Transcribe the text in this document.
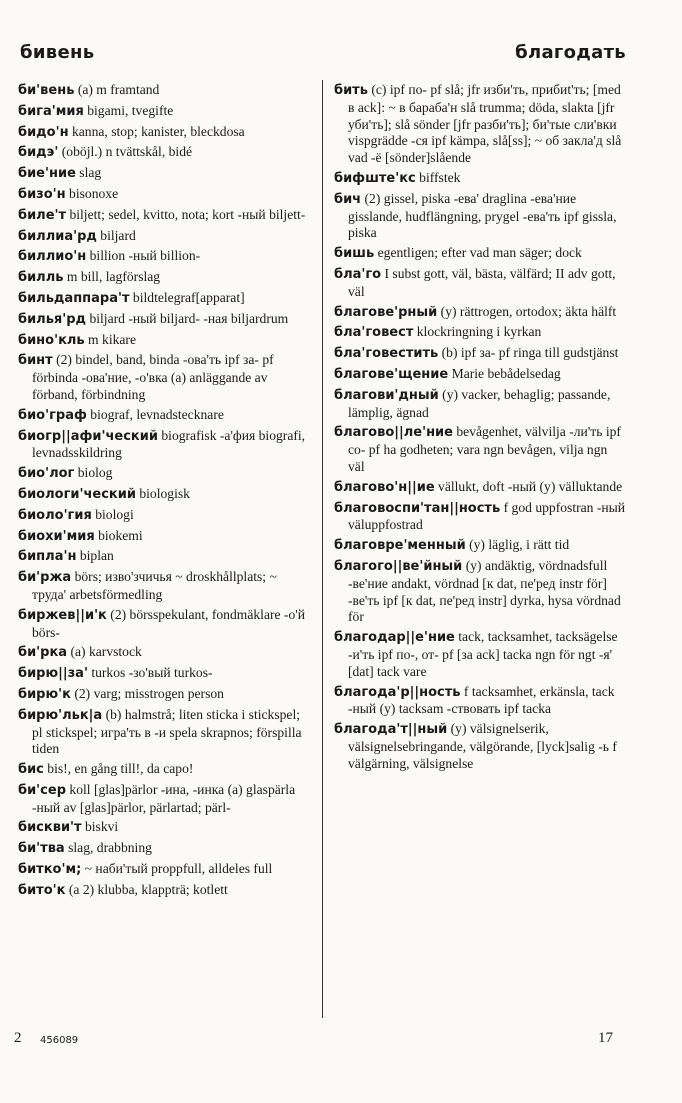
бивень	благодать
би'вень (a) m framtand
бига'мия bigami, tvegifte
бидо'н kanna, stop; kanister, bleckdosa
бидэ' (oböjl.) n tvättskål, bidé
бие'ние slag
бизо'н bisonoxe
биле'т biljett; sedel, kvitto, nota; kort -ный biljett-
биллиа'рд biljard
биллио'н billion -ный billion-
билль m bill, lagförslag
бильдаппара'т bildtelegraf[apparat]
билья'рд biljard -ный biljard- -ная biljardrum
бино'кль m kikare
бинт (2) bindel, band, binda -ова'ть ipf за- pf förbinda -ова'ние, -о'вка (a) anläggande av förband, förbindning
био'граф biograf, levnadstecknare
биогр||афи'ческий biografisk -а'фия biografi, levnadsskildring
био'лог biolog
биологи'ческий biologisk
биоло'гия biologi
биохи'мия biokemi
биплa'н biplan
би'ржа börs; изво'зчичья ~ droskhållplats; ~ труда' arbetsförmedling
биржев||и'к (2) börsspekulant, fondmäklare -о'й börs-
би'рка (a) karvstock
бирю||за' turkos -зо'вый turkos-
бирю'к (2) varg; misstrogen person
бирю'льк|а (b) halmstrå; liten sticka i stickspel; pl stickspel; игра'ть в -и spela skrapnos; förspilla tiden
бис bis!, en gång till!, da capo!
би'сер koll [glas]pärlor -ина, -инка (a) glaspärla -ный av [glas]pärlor, pärlartad; pärl-
бискви'т biskvi
би'тва slag, drabbning
битко'м; ~ наби'тый proppfull, alldeles full
бито'к (a 2) klubba, klappträ; kotlett
бить (c) ipf по- pf slå; jfr изби'ть, прибиt'ть; [med в ack]: ~ в бараба'н slå trumma; döda, slakta [jfr уби'ть]; slå sönder [jfr разби'ть]; би'тые сли'вки vispgrädde -ся ipf kämpa, slå[ss]; ~ об закла'д slå vad -ё [sönder]slående
бифште'кс biffstek
бич (2) gissel, piska -ева' draglina -ева'ние gisslande, hudflängning, prygel -ева'ть ipf gissla, piska
бишь egentligen; efter vad man säger; dock
бла'го I subst gott, väl, bästa, välfärd; II adv gott, väl
благове'рный (y) rättrogen, ortodox; äkta hälft
бла'говест klockringning i kyrkan
бла'говестить (b) ipf за- pf ringa till gudstjänst
благове'щение Marie bebådelsedag
благови'дный (y) vacker, behaglig; passande, lämplig, ägnad
благово||ле'ние bevågenhet, välvilja -ли'ть ipf со- pf ha godheten; vara ngn bevågen, vilja ngn väl
благово'н||ие vällukt, doft -ный (y) välluktande
благовоспи'тан||ность f god uppfostran -ный väluppfostrad
благовре'менный (y) läglig, i rätt tid
благого||ве'йный (y) andäktig, vördnadsfull -ве'ние andakt, vördnad [к dat, пе'ред instr för] -ве'ть ipf [к dat, пе'ред instr] dyrka, hysa vördnad för
благодар||е'ние tack, tacksamhet, tacksägelse -и'ть ipf по-, от- pf [за ack] tacka ngn för ngt -я' [dat] tack vare
благода'р||ность f tacksamhet, erkänsla, tack -ный (y) tacksam -ствовать ipf tacka
благода'т||ный (y) välsignelserik, välsignelsebringande, välgörande, [lyck]salig -ь f välgärning, välsignelse
2 456089	17
